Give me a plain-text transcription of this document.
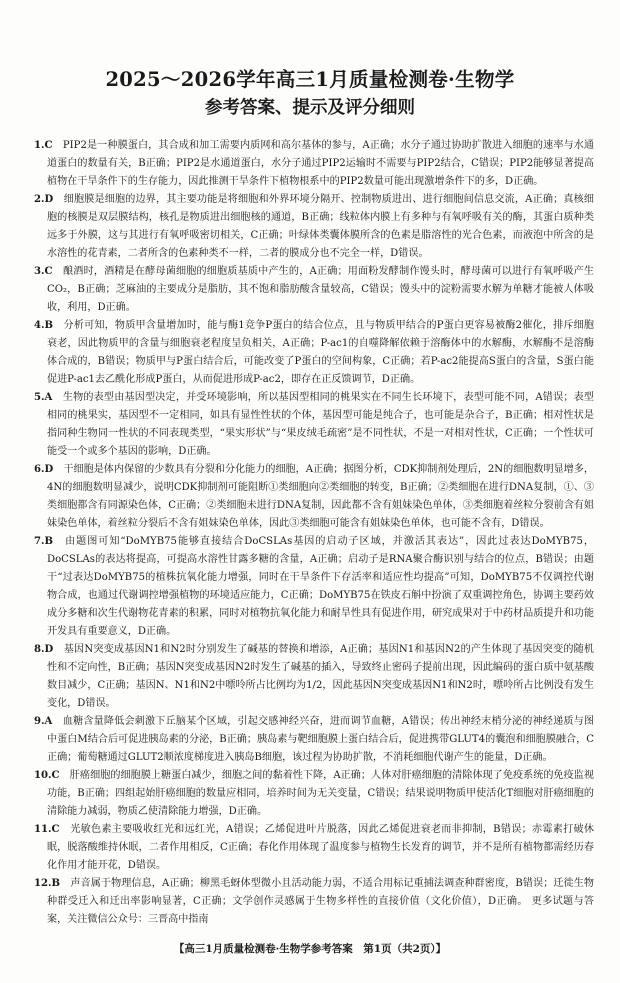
2025～2026学年高三1月质量检测卷·生物学
参考答案、提示及评分细则

1.C　 PIP2是一种膜蛋白，其合成和加工需要内质网和高尔基体的参与，A正确；水分子通过协助扩散进入细胞的速率与水通道蛋白的数量有关，B正确；PIP2是水通道蛋白，水分子通过PIP2运输时不需要与PIP2结合，C错误；PIP2能够显著提高植物在干旱条件下的生存能力，因此推测干旱条件下植物根系中的PIP2数量可能出现激增条件下的多，D正确。

2.D　 细胞膜是细胞的边界，其主要功能是将细胞和外界环境分隔开、控制物质进出、进行细胞间信息交流，A正确；真核细胞的核膜是双层膜结构，核孔是物质进出细胞核的通道，B正确；线粒体内膜上有多种与有氧呼吸有关的酶，其蛋白质种类远多于外膜，这与其进行有氧呼吸密切相关，C正确；叶绿体类囊体膜所含的色素是脂溶性的光合色素，而液泡中所含的是水溶性的花青素，二者所含的色素种类不一样，二者的膜成分也不完全一样，D错误。

3.C　 酿酒时，酒精是在酵母菌细胞的细胞质基质中产生的，A正确；用面粉发酵制作馒头时，酵母菌可以进行有氧呼吸产生CO₂，B正确；芝麻油的主要成分是脂肪，其不饱和脂肪酸含量较高，C错误；馒头中的淀粉需要水解为单糖才能被人体吸收，利用，D正确。

4.B　 分析可知，物质甲含量增加时，能与酶1竞争P蛋白的结合位点，且与物质甲结合的P蛋白更容易被酶2催化，排斥细胞衰老，因此物质甲的含量与细胞衰老程度呈负相关，A正确；P-ac1的自噬降解依赖于溶酶体中的水解酶，水解酶不是溶酶体合成的，B错误；物质甲与P蛋白结合后，可能改变了P蛋白的空间构象，C正确；若P-ac2能提高S蛋白的含量，S蛋白能促进P-ac1去乙酰化形成P蛋白，从而促进形成P-ac2，即存在正反馈调节，D正确。

5.A　 生物的表型由基因型决定，并受环境影响，所以基因型相同的桃果实在不同生长环境下，表型可能不同，A错误；表型相同的桃果实，基因型不一定相同，如具有显性性状的个体，基因型可能是纯合子，也可能是杂合子，B正确；相对性状是指同种生物同一性状的不同表现类型，“果实形状”与“果皮绒毛疏密”是不同性状，不是一对相对性状，C正确；一个性状可能受一个或多个基因的影响，D正确。

6.D　 干细胞是体内保留的少数具有分裂和分化能力的细胞，A正确；据图分析，CDK抑制剂处理后，2N的细胞数明显增多，4N的细胞数明显减少，说明CDK抑制剂可能阻断①类细胞向②类细胞的转变，B正确；②类细胞在进行DNA复制，①、③类细胞都含有同源染色体，C正确；②类细胞未进行DNA复制，因此都不含有姐妹染色单体，③类细胞着丝粒分裂前含有姐妹染色单体，着丝粒分裂后不含有姐妹染色单体，因此③类细胞可能含有姐妹染色单体，也可能不含有，D错误。

7.B　 由题图可知“DoMYB75能够直接结合DoCSLAs基因的启动子区域，并激活其表达”，因此过表达DoMYB75，DoCSLAs的表达将提高，可提高水溶性甘露多糖的含量，A正确；启动子是RNA聚合酶识别与结合的位点，B错误；由题干“过表达DoMYB75的植株抗氧化能力增强，同时在干旱条件下存活率和适应性均提高”可知，DoMYB75不仅调控代谢物合成，也通过代谢调控增强植物的环境适应能力，C正确；DoMYB75在铁皮石斛中扮演了双重调控角色，协调主要药效成分多糖和次生代谢物花青素的积累，同时对植物抗氧化能力和耐旱性具有促进作用，研究成果对于中药材品质提升和功能开发具有重要意义，D正确。

8.D　 基因N突变成基因N1和N2时分别发生了碱基的替换和增添，A正确；基因N1和基因N2的产生体现了基因突变的随机性和不定向性，B正确；基因N突变成基因N2时发生了碱基的插入，导致终止密码子提前出现，因此编码的蛋白质中氨基酸数目减少，C正确；基因N、N1和N2中嘌呤所占比例均为1/2，因此基因N突变成基因N1和N2时，嘌呤所占比例没有发生变化，D错误。

9.A　 血糖含量降低会刺激下丘脑某个区域，引起交感神经兴奋，进而调节血糖，A错误；传出神经末梢分泌的神经递质与图中蛋白M结合后可促进胰岛素的分泌，B正确；胰岛素与靶细胞膜上蛋白结合后，促进携带GLUT4的囊泡和细胞膜融合，C正确；葡萄糖通过GLUT2顺浓度梯度进入胰岛B细胞，该过程为协助扩散，不消耗细胞代谢产生的能量，D正确。

10.C　 肝癌细胞的细胞膜上糖蛋白减少，细胞之间的黏着性下降，A正确；人体对肝癌细胞的清除体现了免疫系统的免疫监视功能，B正确；四组起始肝癌细胞的数量应相同，培养时间为无关变量，C错误；结果说明物质甲使活化T细胞对肝癌细胞的清除能力减弱，物质乙使清除能力增强，D正确。

11.C　 光敏色素主要吸收红光和远红光，A错误；乙烯促进叶片脱落，因此乙烯促进衰老而非抑制，B错误；赤霉素打破休眠，脱落酸维持休眠，二者作用相反，C正确；春化作用体现了温度参与植物生长发育的调节，并不是所有植物都需经历春化作用才能开花，D错误。

12.B　 声音属于物理信息，A正确；柳黑毛蚜体型微小且活动能力弱，不适合用标记重捕法调查种群密度，B错误；迁徙生物种群受迁入和迁出率影响显著，C正确；文学创作灵感属于生物多样性的直接价值（文化价值），D正确。 更多试题与答案，关注微信公众号：三晋高中指南

【高三1月质量检测卷·生物学参考答案　第1页（共2页）】
